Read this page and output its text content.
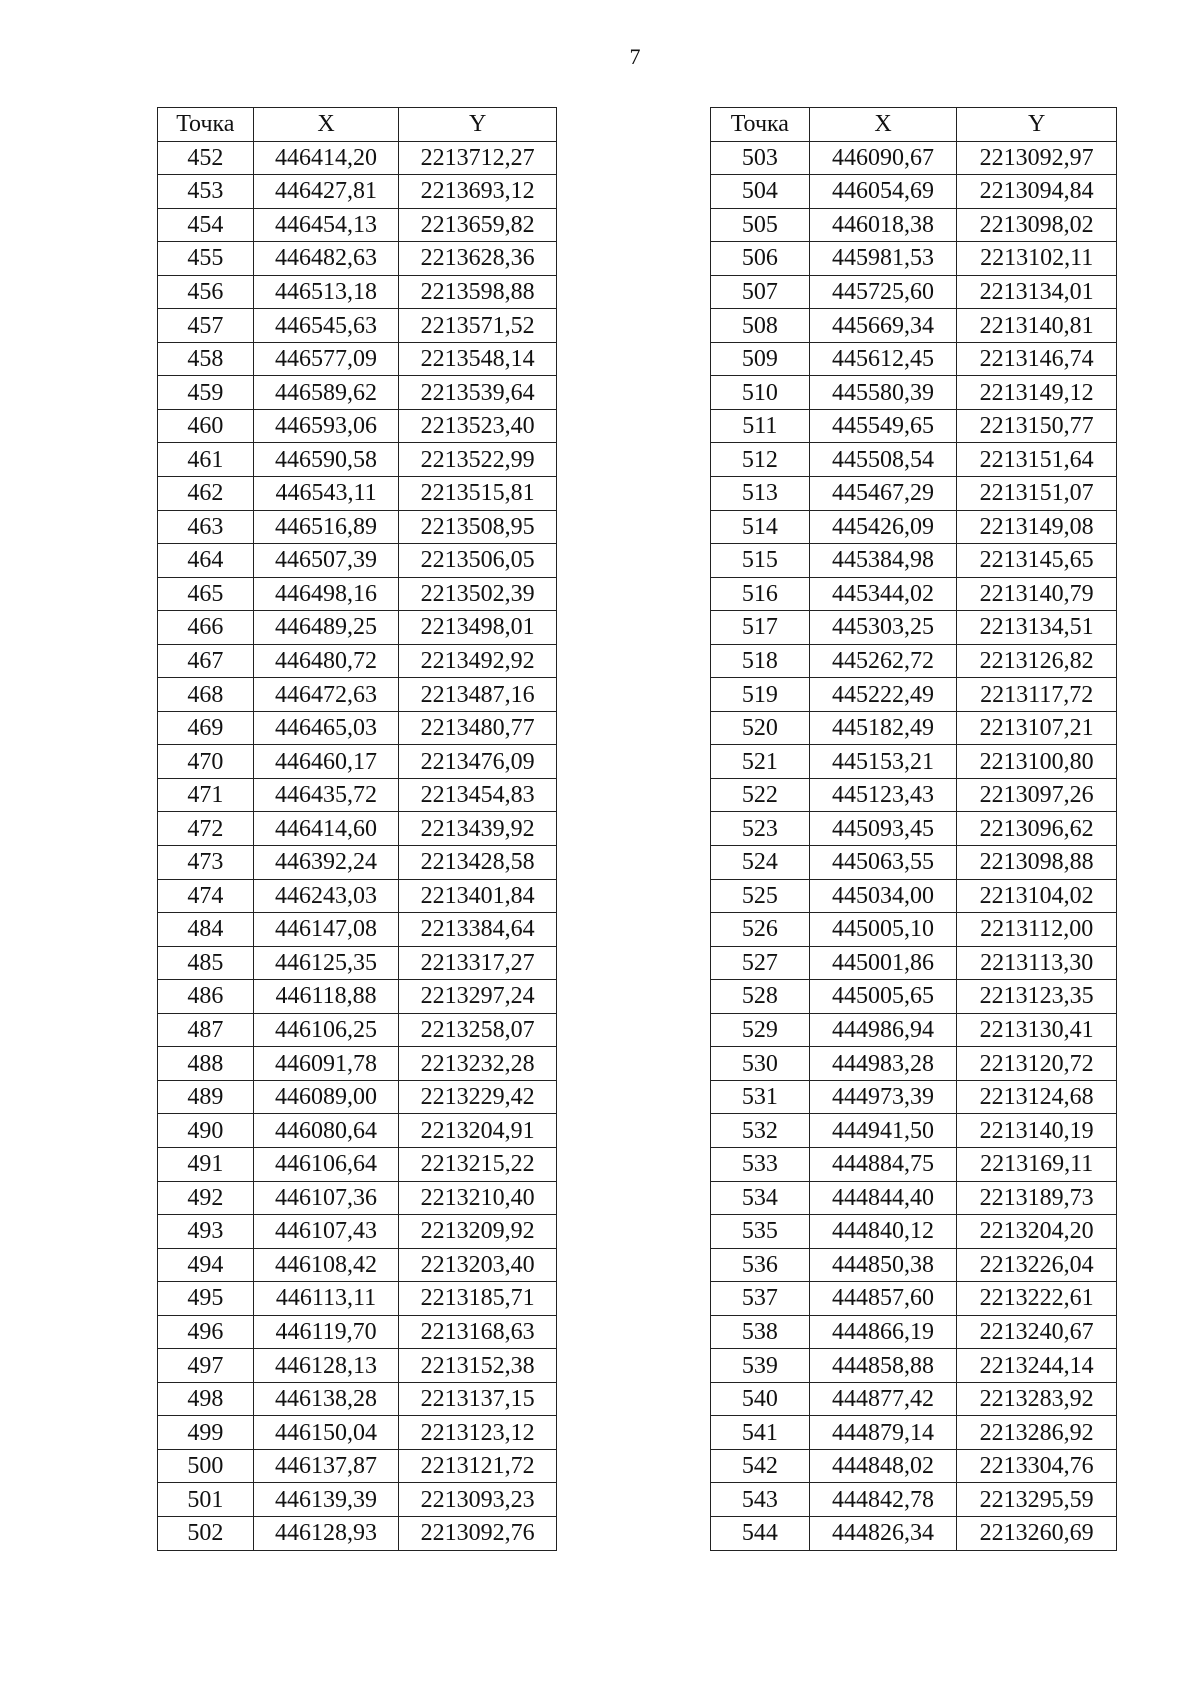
7
Точка	X	Y
452	446414,20	2213712,27
453	446427,81	2213693,12
454	446454,13	2213659,82
455	446482,63	2213628,36
456	446513,18	2213598,88
457	446545,63	2213571,52
458	446577,09	2213548,14
459	446589,62	2213539,64
460	446593,06	2213523,40
461	446590,58	2213522,99
462	446543,11	2213515,81
463	446516,89	2213508,95
464	446507,39	2213506,05
465	446498,16	2213502,39
466	446489,25	2213498,01
467	446480,72	2213492,92
468	446472,63	2213487,16
469	446465,03	2213480,77
470	446460,17	2213476,09
471	446435,72	2213454,83
472	446414,60	2213439,92
473	446392,24	2213428,58
474	446243,03	2213401,84
484	446147,08	2213384,64
485	446125,35	2213317,27
486	446118,88	2213297,24
487	446106,25	2213258,07
488	446091,78	2213232,28
489	446089,00	2213229,42
490	446080,64	2213204,91
491	446106,64	2213215,22
492	446107,36	2213210,40
493	446107,43	2213209,92
494	446108,42	2213203,40
495	446113,11	2213185,71
496	446119,70	2213168,63
497	446128,13	2213152,38
498	446138,28	2213137,15
499	446150,04	2213123,12
500	446137,87	2213121,72
501	446139,39	2213093,23
502	446128,93	2213092,76
Точка	X	Y
503	446090,67	2213092,97
504	446054,69	2213094,84
505	446018,38	2213098,02
506	445981,53	2213102,11
507	445725,60	2213134,01
508	445669,34	2213140,81
509	445612,45	2213146,74
510	445580,39	2213149,12
511	445549,65	2213150,77
512	445508,54	2213151,64
513	445467,29	2213151,07
514	445426,09	2213149,08
515	445384,98	2213145,65
516	445344,02	2213140,79
517	445303,25	2213134,51
518	445262,72	2213126,82
519	445222,49	2213117,72
520	445182,49	2213107,21
521	445153,21	2213100,80
522	445123,43	2213097,26
523	445093,45	2213096,62
524	445063,55	2213098,88
525	445034,00	2213104,02
526	445005,10	2213112,00
527	445001,86	2213113,30
528	445005,65	2213123,35
529	444986,94	2213130,41
530	444983,28	2213120,72
531	444973,39	2213124,68
532	444941,50	2213140,19
533	444884,75	2213169,11
534	444844,40	2213189,73
535	444840,12	2213204,20
536	444850,38	2213226,04
537	444857,60	2213222,61
538	444866,19	2213240,67
539	444858,88	2213244,14
540	444877,42	2213283,92
541	444879,14	2213286,92
542	444848,02	2213304,76
543	444842,78	2213295,59
544	444826,34	2213260,69
